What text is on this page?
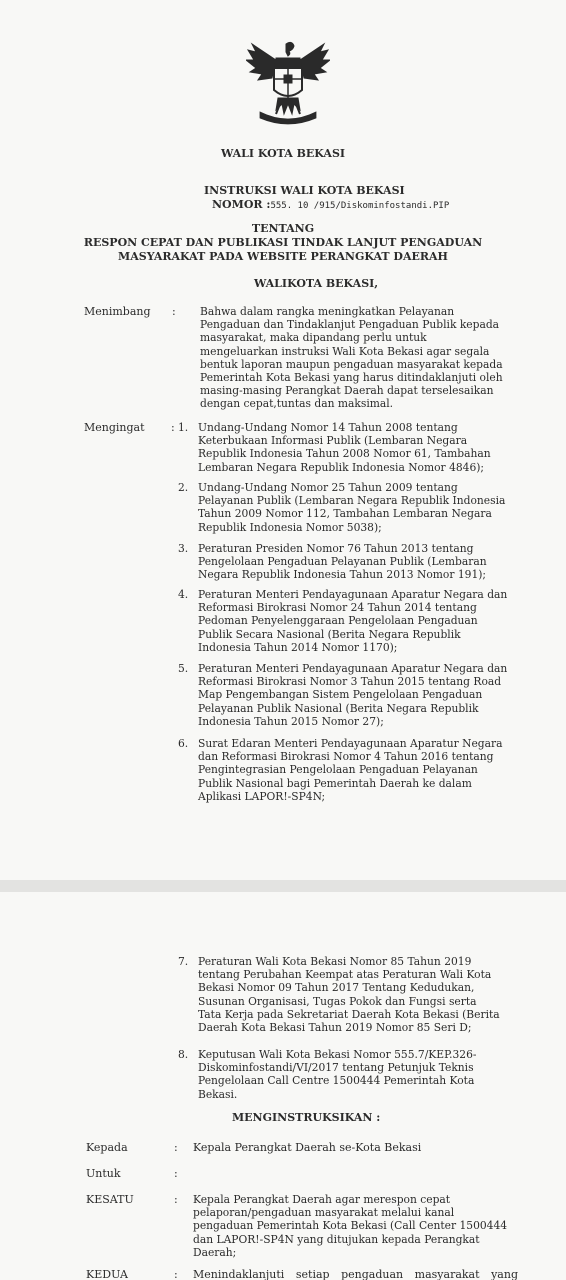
WALI KOTA BEKASI
INSTRUKSI WALI KOTA BEKASI
NOMOR :555. 10 /915/Diskominfostandi.PIP
TENTANG
RESPON CEPAT DAN PUBLIKASI TINDAK LANJUT PENGADUAN
MASYARAKAT PADA WEBSITE PERANGKAT DAERAH
WALIKOTA BEKASI,
Menimbang : Bahwa dalam rangka meningkatkan Pelayanan

Pengaduan dan Tindaklanjut Pengaduan Publik kepada

masyarakat, maka dipandang perlu untuk

mengeluarkan instruksi Wali Kota Bekasi agar segala

bentuk laporan maupun pengaduan masyarakat kepada

Pemerintah Kota Bekasi yang harus ditindaklanjuti oleh

masing-masing Perangkat Daerah dapat terselesaikan

dengan cepat,tuntas dan maksimal.

Mengingat : 1. Undang-Undang Nomor 14 Tahun 2008 tentang

Keterbukaan Informasi Publik (Lembaran Negara

Republik Indonesia Tahun 2008 Nomor 61, Tambahan

Lembaran Negara Republik Indonesia Nomor 4846);

2. Undang-Undang Nomor 25 Tahun 2009 tentang

Pelayanan Publik (Lembaran Negara Republik Indonesia

Tahun 2009 Nomor 112, Tambahan Lembaran Negara

Republik Indonesia Nomor 5038);

3. Peraturan Presiden Nomor 76 Tahun 2013 tentang

Pengelolaan Pengaduan Pelayanan Publik (Lembaran

Negara Republik Indonesia Tahun 2013 Nomor 191);

4. Peraturan Menteri Pendayagunaan Aparatur Negara dan

Reformasi Birokrasi Nomor 24 Tahun 2014 tentang

Pedoman Penyelenggaraan Pengelolaan Pengaduan

Publik Secara Nasional (Berita Negara Republik

Indonesia Tahun 2014 Nomor 1170);

5. Peraturan Menteri Pendayagunaan Aparatur Negara dan

Reformasi Birokrasi Nomor 3 Tahun 2015 tentang Road

Map Pengembangan Sistem Pengelolaan Pengaduan

Pelayanan Publik Nasional (Berita Negara Republik

Indonesia Tahun 2015 Nomor 27);

6. Surat Edaran Menteri Pendayagunaan Aparatur Negara

dan Reformasi Birokrasi Nomor 4 Tahun 2016 tentang

Pengintegrasian Pengelolaan Pengaduan Pelayanan

Publik Nasional bagi Pemerintah Daerah ke dalam

Aplikasi LAPOR!-SP4N;

7. Peraturan Wali Kota Bekasi Nomor 85 Tahun 2019

tentang Perubahan Keempat atas Peraturan Wali Kota

Bekasi Nomor 09 Tahun 2017 Tentang Kedudukan,

Susunan Organisasi, Tugas Pokok dan Fungsi serta

Tata Kerja pada Sekretariat Daerah Kota Bekasi (Berita

Daerah Kota Bekasi Tahun 2019 Nomor 85 Seri D;

8. Keputusan Wali Kota Bekasi Nomor 555.7/KEP.326-

Diskominfostandi/VI/2017 tentang Petunjuk Teknis

Pengelolaan Call Centre 1500444 Pemerintah Kota

Bekasi.

MENGINSTRUKSIKAN :
Kepada	: Kepala Perangkat Daerah se-Kota Bekasi
Untuk	:
KESATU	: Kepala Perangkat Daerah agar merespon cepat

pelaporan/pengaduan masyarakat melalui kanal

pengaduan Pemerintah Kota Bekasi (Call Center 1500444

dan LAPOR!-SP4N yang ditujukan kepada Perangkat

Daerah;

KEDUA	: Menindaklanjuti setiap pengaduan masyarakat yang
